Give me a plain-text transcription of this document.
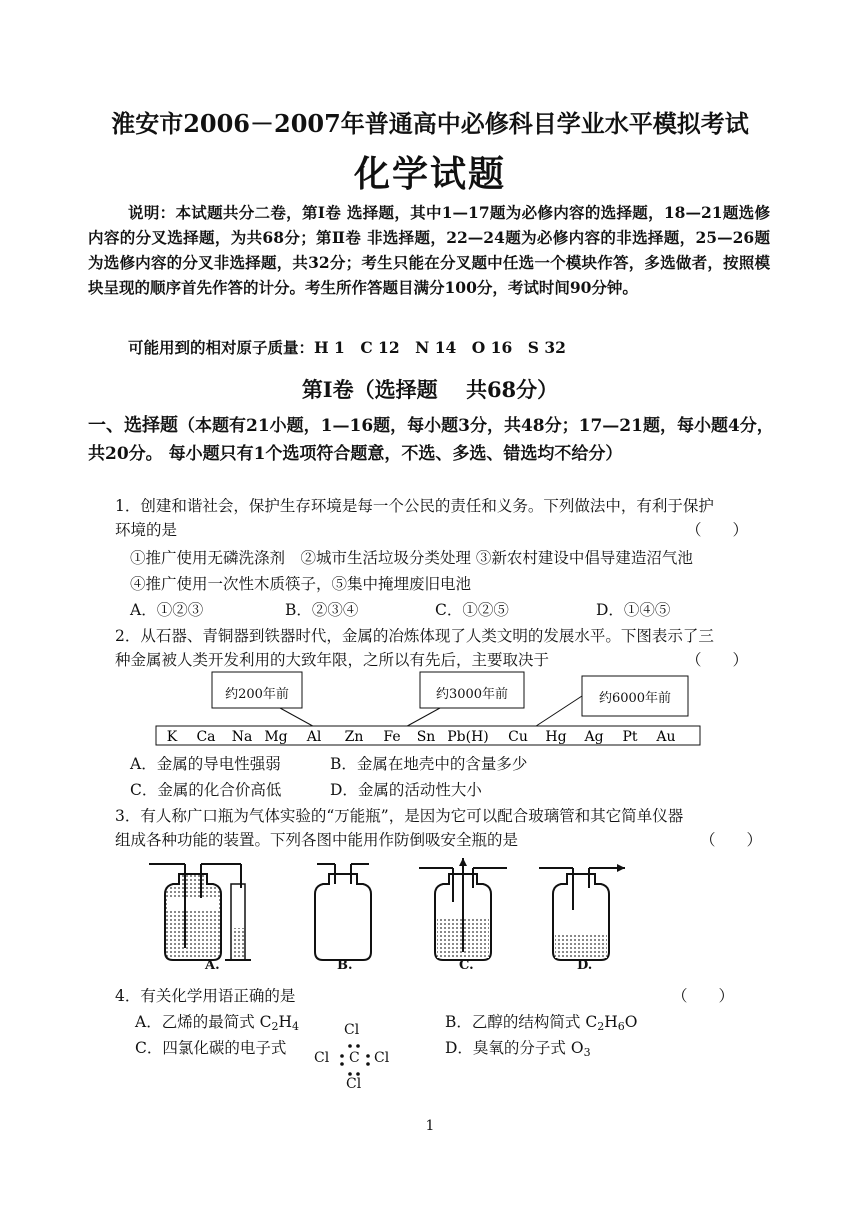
淮安市2006－2007年普通高中必修科目学业水平模拟考试
化学试题
说明：本试题共分二卷，第Ⅰ卷 选择题，其中1—17题为必修内容的选择题，18—21题选修内容的分叉选择题，为共68分；第Ⅱ卷 非选择题，22—24题为必修内容的非选择题，25—26题为选修内容的分叉非选择题，共32分；考生只能在分叉题中任选一个模块作答，多选做者，按照模块呈现的顺序首先作答的计分。考生所作答题目满分100分，考试时间90分钟。
可能用到的相对原子质量：H 1　C 12　N 14　O 16　S 32
第Ⅰ卷（选择题　 共68分）
一、选择题（本题有21小题，1—16题，每小题3分，共48分；17—21题，每小题4分，共20分。 每小题只有1个选项符合题意，不选、多选、错选均不给分）
1．创建和谐社会，保护生存环境是每一个公民的责任和义务。下列做法中，有利于保护
环境的是	（　　）
①推广使用无磷洗涤剂　②城市生活垃圾分类处理 ③新农村建设中倡导建造沼气池
④推广使用一次性木质筷子，⑤集中掩埋废旧电池
A．①②③	B．②③④	C．①②⑤	D．①④⑤
2．从石器、青铜器到铁器时代，金属的冶炼体现了人类文明的发展水平。下图表示了三
种金属被人类开发利用的大致年限，之所以有先后，主要取决于	（　　）
K Ca Na Mg Al Zn Fe Sn Pb(H) Cu Hg Ag Pt Au
约200年前	约3000年前	约6000年前
A．金属的导电性强弱	B．金属在地壳中的含量多少
C．金属的化合价高低	D．金属的活动性大小
3．有人称广口瓶为气体实验的“万能瓶”，是因为它可以配合玻璃管和其它简单仪器
组成各种功能的装置。下列各图中能用作防倒吸安全瓶的是	（　　）
A.	B.	C.	D.
4．有关化学用语正确的是	（　　）
A．乙烯的最简式 $C_2H_4$	B．乙醇的结构简式 $C_2H_6O$
C．四氯化碳的电子式	D．臭氧的分子式 $O_3$
Cl
Cl C Cl
Cl
1
